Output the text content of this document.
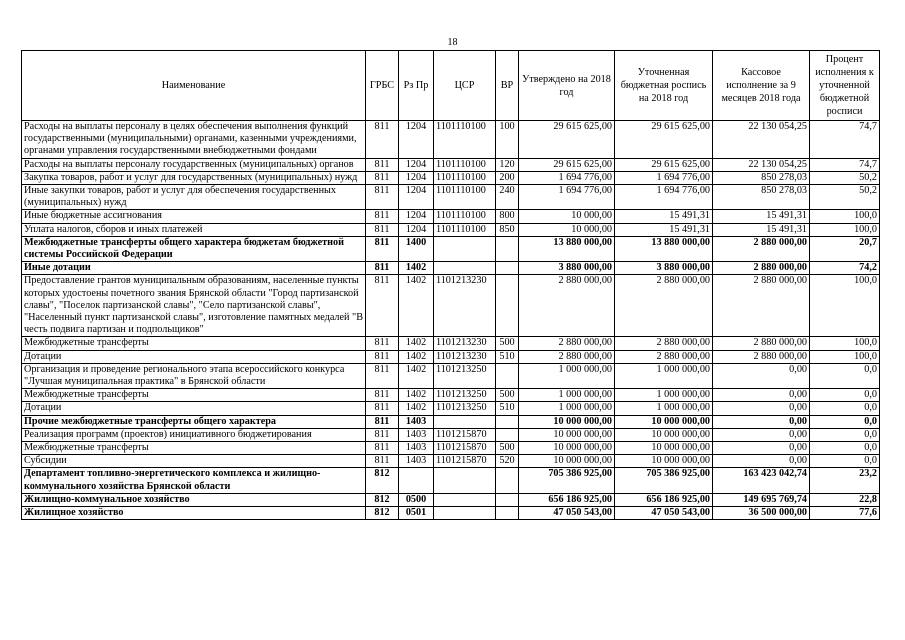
18
Наименование	ГРБС	Рз Пр	ЦСР	ВР	Утверждено на 2018 год	Уточненная бюджетная роспись на 2018 год	Кассовое исполнение за 9 месяцев 2018 года	Процент исполнения к уточненной бюджетной росписи
Расходы на выплаты персоналу в целях обеспечения выполнения функций государственными (муниципальными) органами, казенными учреждениями, органами управления государственными внебюджетными фондами	811	1204	1101110100	100	29 615 625,00	29 615 625,00	22 130 054,25	74,7
Расходы на выплаты персоналу государственных (муниципальных) органов	811	1204	1101110100	120	29 615 625,00	29 615 625,00	22 130 054,25	74,7
Закупка товаров, работ и услуг для государственных (муниципальных) нужд	811	1204	1101110100	200	1 694 776,00	1 694 776,00	850 278,03	50,2
Иные закупки товаров, работ и услуг для обеспечения государственных (муниципальных) нужд	811	1204	1101110100	240	1 694 776,00	1 694 776,00	850 278,03	50,2
Иные бюджетные ассигнования	811	1204	1101110100	800	10 000,00	15 491,31	15 491,31	100,0
Уплата налогов, сборов и иных платежей	811	1204	1101110100	850	10 000,00	15 491,31	15 491,31	100,0
Межбюджетные трансферты общего характера бюджетам бюджетной системы Российской Федерации	811	1400			13 880 000,00	13 880 000,00	2 880 000,00	20,7
Иные дотации	811	1402			3 880 000,00	3 880 000,00	2 880 000,00	74,2
Предоставление грантов муниципальным образованиям, населенные пункты которых удостоены почетного звания Брянской области "Город партизанской славы", "Поселок партизанской славы", "Село партизанской славы", "Населенный пункт партизанской славы", изготовление памятных медалей "В честь подвига партизан и подпольщиков"	811	1402	1101213230		2 880 000,00	2 880 000,00	2 880 000,00	100,0
Межбюджетные трансферты	811	1402	1101213230	500	2 880 000,00	2 880 000,00	2 880 000,00	100,0
Дотации	811	1402	1101213230	510	2 880 000,00	2 880 000,00	2 880 000,00	100,0
Организация и проведение регионального этапа всероссийского конкурса "Лучшая муниципальная практика" в Брянской области	811	1402	1101213250		1 000 000,00	1 000 000,00	0,00	0,0
Межбюджетные трансферты	811	1402	1101213250	500	1 000 000,00	1 000 000,00	0,00	0,0
Дотации	811	1402	1101213250	510	1 000 000,00	1 000 000,00	0,00	0,0
Прочие межбюджетные трансферты общего характера	811	1403			10 000 000,00	10 000 000,00	0,00	0,0
Реализация программ (проектов) инициативного бюджетирования	811	1403	1101215870		10 000 000,00	10 000 000,00	0,00	0,0
Межбюджетные трансферты	811	1403	1101215870	500	10 000 000,00	10 000 000,00	0,00	0,0
Субсидии	811	1403	1101215870	520	10 000 000,00	10 000 000,00	0,00	0,0
Департамент топливно-энергетического комплекса и жилищно-коммунального хозяйства Брянской области	812				705 386 925,00	705 386 925,00	163 423 042,74	23,2
Жилищно-коммунальное хозяйство	812	0500			656 186 925,00	656 186 925,00	149 695 769,74	22,8
Жилищное хозяйство	812	0501			47 050 543,00	47 050 543,00	36 500 000,00	77,6
